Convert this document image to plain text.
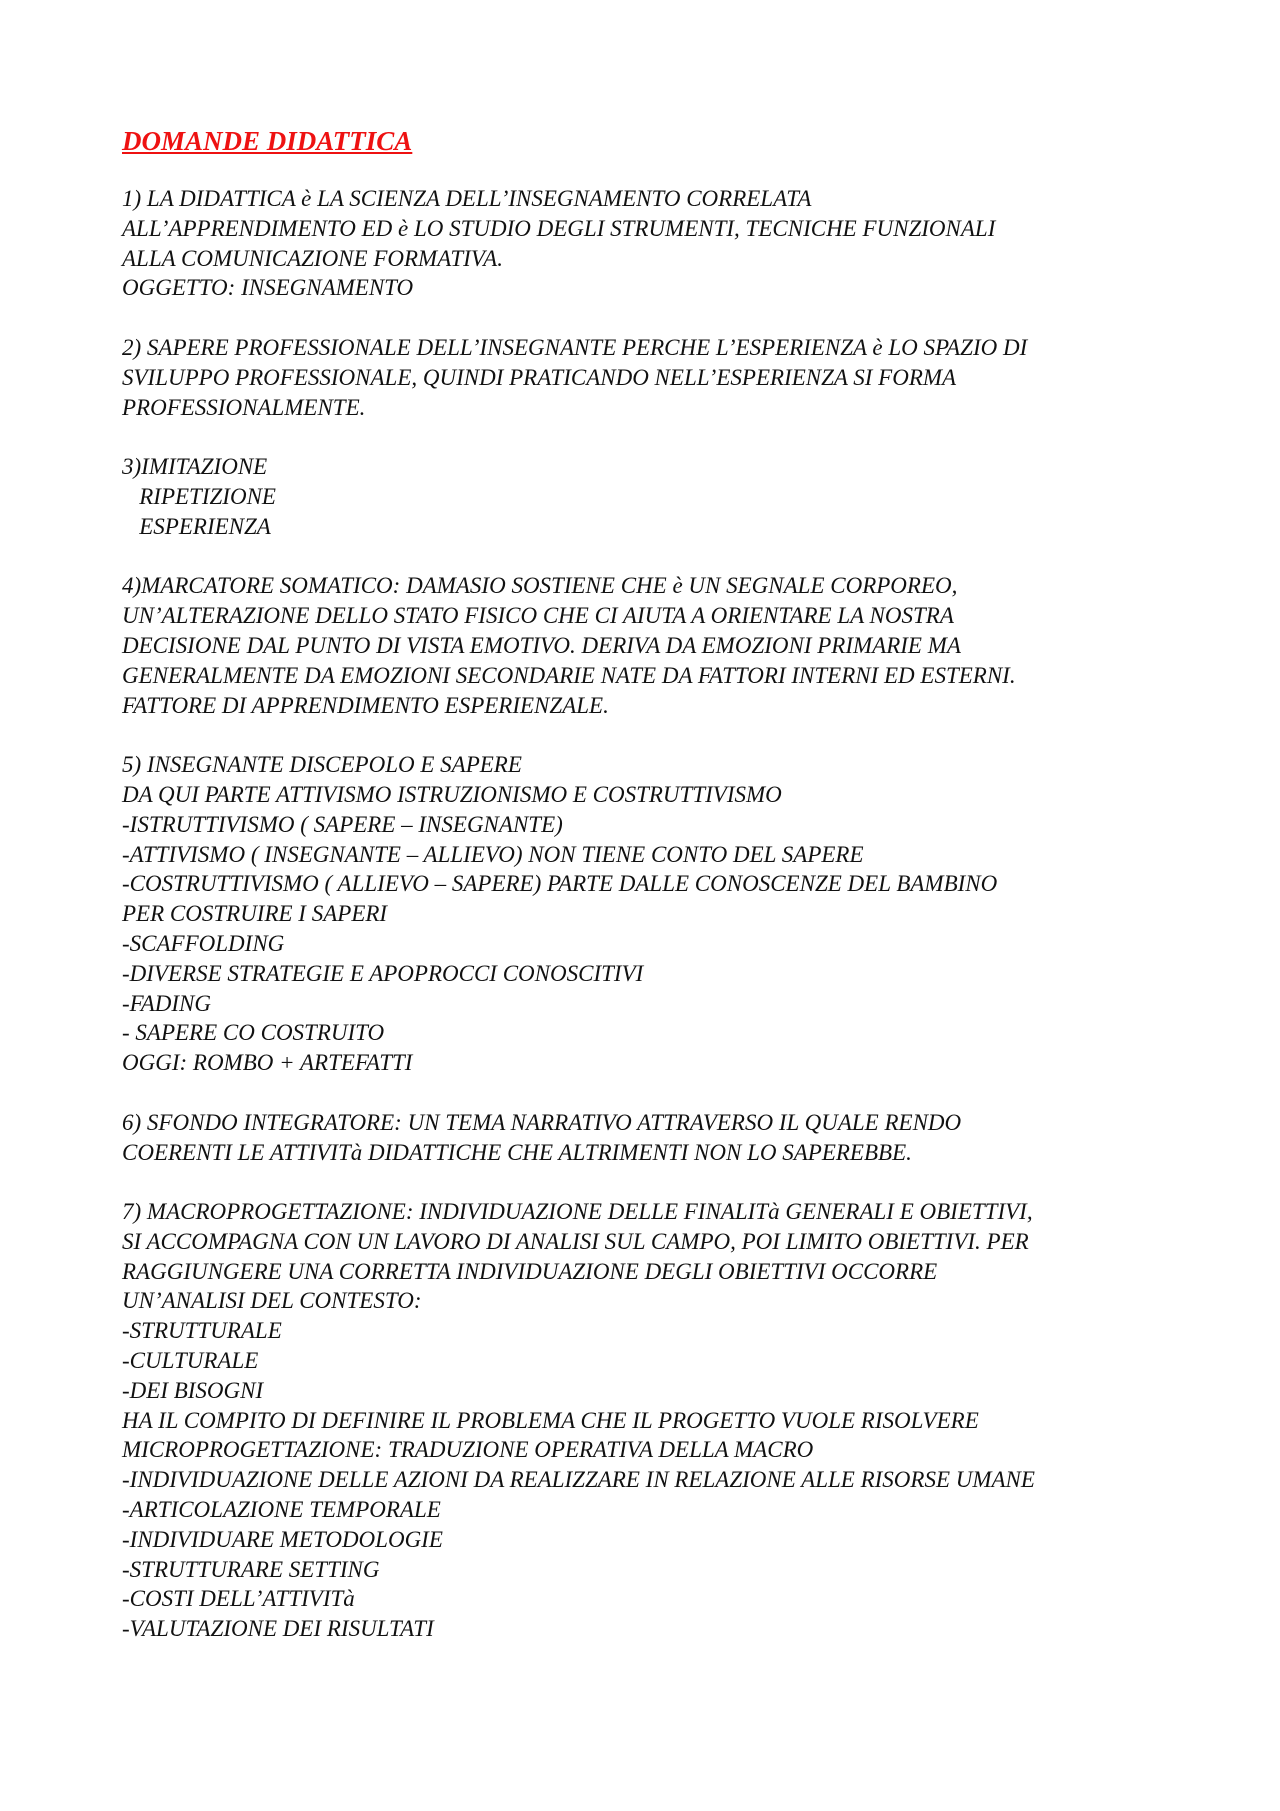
DOMANDE DIDATTICA
1) LA DIDATTICA è LA SCIENZA DELL’INSEGNAMENTO CORRELATA
ALL’APPRENDIMENTO ED è LO STUDIO DEGLI STRUMENTI, TECNICHE FUNZIONALI
ALLA COMUNICAZIONE FORMATIVA.
OGGETTO: INSEGNAMENTO
2) SAPERE PROFESSIONALE DELL’INSEGNANTE PERCHE L’ESPERIENZA è LO SPAZIO DI
SVILUPPO PROFESSIONALE, QUINDI PRATICANDO NELL’ESPERIENZA SI FORMA
PROFESSIONALMENTE.
3)IMITAZIONE
RIPETIZIONE
ESPERIENZA
4)MARCATORE SOMATICO: DAMASIO SOSTIENE CHE è UN SEGNALE CORPOREO,
UN’ALTERAZIONE DELLO STATO FISICO CHE CI AIUTA A ORIENTARE LA NOSTRA
DECISIONE DAL PUNTO DI VISTA EMOTIVO. DERIVA DA EMOZIONI PRIMARIE MA
GENERALMENTE DA EMOZIONI SECONDARIE NATE DA FATTORI INTERNI ED ESTERNI.
FATTORE DI APPRENDIMENTO ESPERIENZALE.
5) INSEGNANTE DISCEPOLO E SAPERE
DA QUI PARTE ATTIVISMO ISTRUZIONISMO E COSTRUTTIVISMO
-ISTRUTTIVISMO ( SAPERE – INSEGNANTE)
-ATTIVISMO ( INSEGNANTE – ALLIEVO) NON TIENE CONTO DEL SAPERE
-COSTRUTTIVISMO ( ALLIEVO – SAPERE) PARTE DALLE CONOSCENZE DEL BAMBINO
PER COSTRUIRE I SAPERI
-SCAFFOLDING
-DIVERSE STRATEGIE E APOPROCCI CONOSCITIVI
-FADING
- SAPERE CO COSTRUITO
OGGI: ROMBO + ARTEFATTI
6) SFONDO INTEGRATORE: UN TEMA NARRATIVO ATTRAVERSO IL QUALE RENDO
COERENTI LE ATTIVITà DIDATTICHE CHE ALTRIMENTI NON LO SAPEREBBE.
7) MACROPROGETTAZIONE: INDIVIDUAZIONE DELLE FINALITà GENERALI E OBIETTIVI,
SI ACCOMPAGNA CON UN LAVORO DI ANALISI SUL CAMPO, POI LIMITO OBIETTIVI. PER
RAGGIUNGERE UNA CORRETTA INDIVIDUAZIONE DEGLI OBIETTIVI OCCORRE
UN’ANALISI DEL CONTESTO:
-STRUTTURALE
-CULTURALE
-DEI BISOGNI
HA IL COMPITO DI DEFINIRE IL PROBLEMA CHE IL PROGETTO VUOLE RISOLVERE
MICROPROGETTAZIONE: TRADUZIONE OPERATIVA DELLA MACRO
-INDIVIDUAZIONE DELLE AZIONI DA REALIZZARE IN RELAZIONE ALLE RISORSE UMANE
-ARTICOLAZIONE TEMPORALE
-INDIVIDUARE METODOLOGIE
-STRUTTURARE SETTING
-COSTI DELL’ATTIVITà
-VALUTAZIONE DEI RISULTATI
